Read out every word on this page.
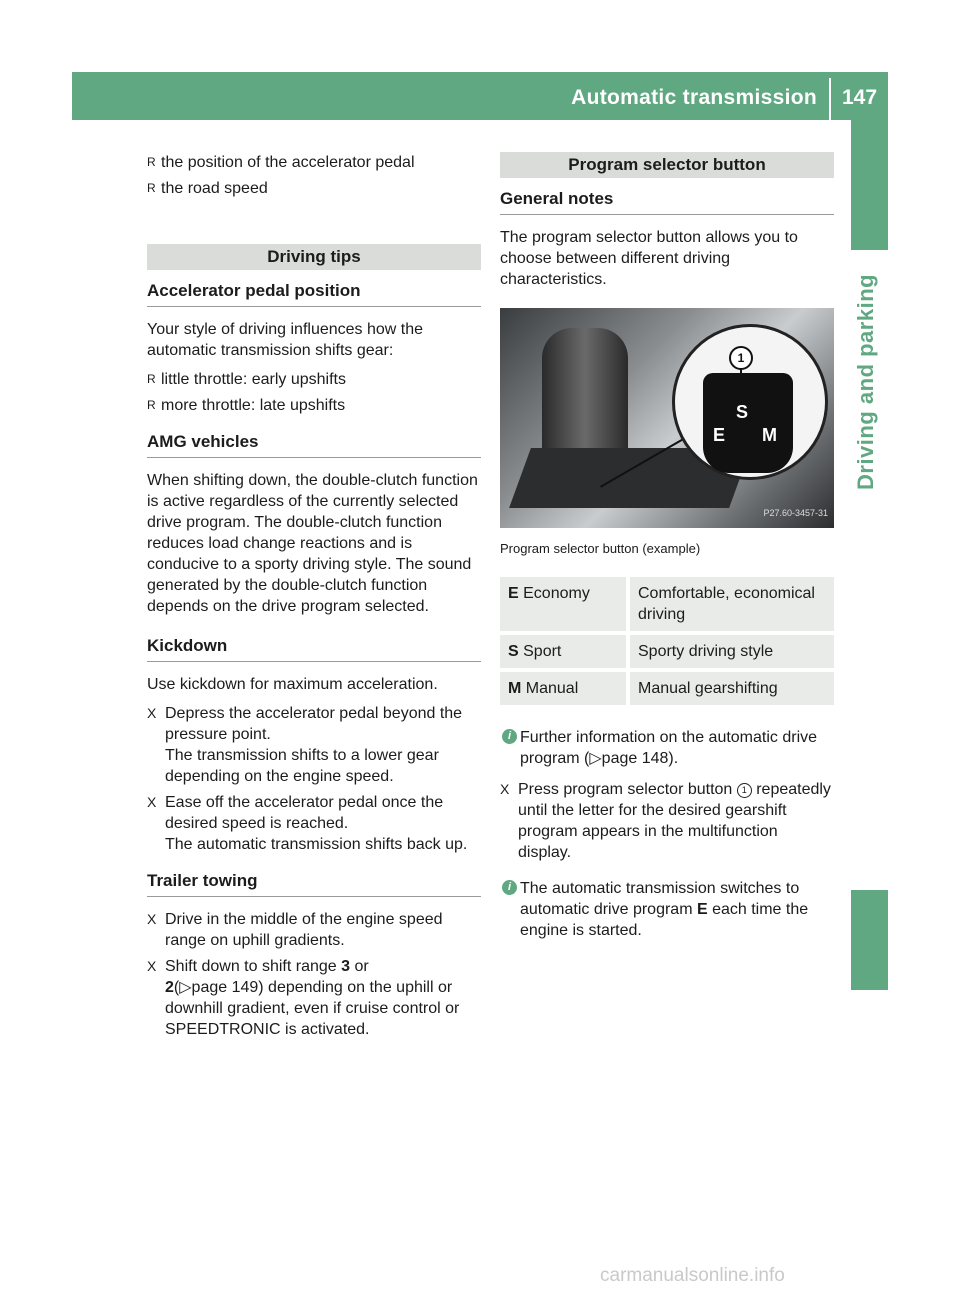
Automatic transmission 147
Driving and parking

R the position of the accelerator pedal

R the road speed

Driving tips
Accelerator pedal position

Your style of driving influences how the automatic transmission shifts gear:

R little throttle: early upshifts

R more throttle: late upshifts

AMG vehicles

When shifting down, the double-clutch function is active regardless of the currently selected drive program. The double-clutch function reduces load change reactions and is conducive to a sporty driving style. The sound generated by the double-clutch function depends on the drive program selected.

Kickdown

Use kickdown for maximum acceleration.

X Depress the accelerator pedal beyond the pressure point.

The transmission shifts to a lower gear depending on the engine speed.

X Ease off the accelerator pedal once the desired speed is reached.

The automatic transmission shifts back up.

Trailer towing
X Drive in the middle of the engine speed range on uphill gradients.

X Shift down to shift range 3 or
2(▷page 149) depending on the uphill or downhill gradient, even if cruise control or SPEEDTRONIC is activated.

Program selector button
General notes

The program selector button allows you to choose between different driving characteristics.

1
S
E M
P27.60-3457-31

Program selector button (example)

E Economy	Comfortable, economical driving
S Sport	Sporty driving style
M Manual	Manual gearshifting
i Further information on the automatic drive program (▷page 148).

X Press program selector button 1 repeatedly until the letter for the desired gearshift program appears in the multifunction display.

i The automatic transmission switches to automatic drive program E each time the engine is started.

carmanualsonline.info
